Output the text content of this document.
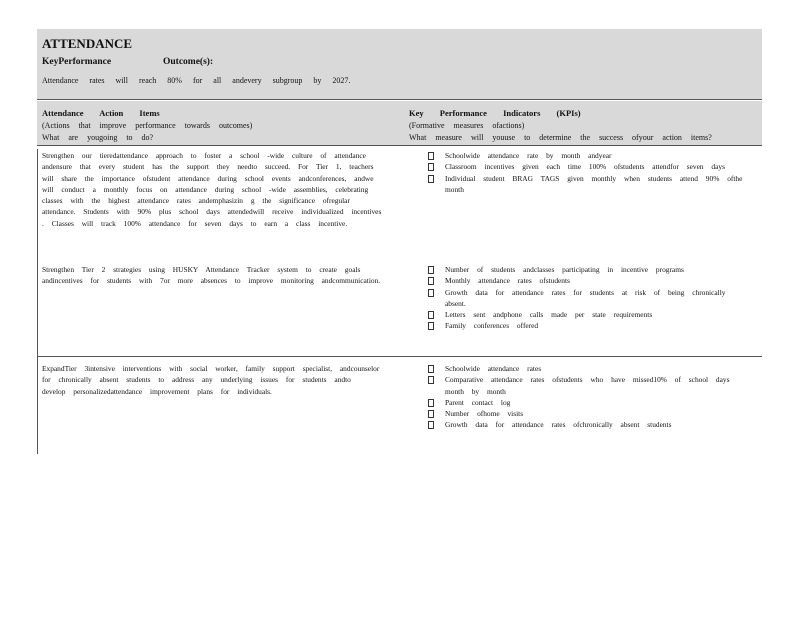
ATTENDANCE
KeyPerformance	Outcome(s):
Attendance rates will reach 80% for all andevery subgroup by 2027.
Attendance Action Items
(Actions that improve performance towards outcomes)
What are yougoing to do?
Key Performance Indicators (KPIs)
(Formative measures ofactions)
What measure will youuse to determine the success ofyour action items?
Strengthen our tieredattendance approach to foster a school -wide culture of attendance andensure that every student has the support they needto succeed. For Tier 1, teachers will share the importance ofstudent attendance during school events andconferences, andwe will conduct a monthly focus on attendance during school -wide assemblies, celebrating classes with the highest attendance rates andemphasizin g the significance ofregular attendance. Students with 90% plus school days attendedwill receive individualized incentives . Classes will track 100% attendance for seven days to earn a class incentive.
Schoolwide attendance rate by month andyear
Classroom incentives given each time 100% ofstudents attendfor seven days
Individual student BRAG TAGS given monthly when students attend 90% ofthe month
Strengthen Tier 2 strategies using HUSKY Attendance Tracker system to create goals andincentives for students with 7or more absences to improve monitoring andcommunication.
Number of students andclasses participating in incentive programs
Monthly attendance rates ofstudents
Growth data for attendance rates for students at risk of being chronically absent.
Letters sent andphone calls made per state requirements
Family conferences offered
ExpandTier 3intensive interventions with social worker, family support specialist, andcounselor for chronically absent students to address any underlying issues for students andto develop personalizedattendance improvement plans for individuals.
Schoolwide attendance rates
Comparative attendance rates ofstudents who have missed10% of school days month by month
Parent contact log
Number ofhome visits
Growth data for attendance rates ofchronically absent students
